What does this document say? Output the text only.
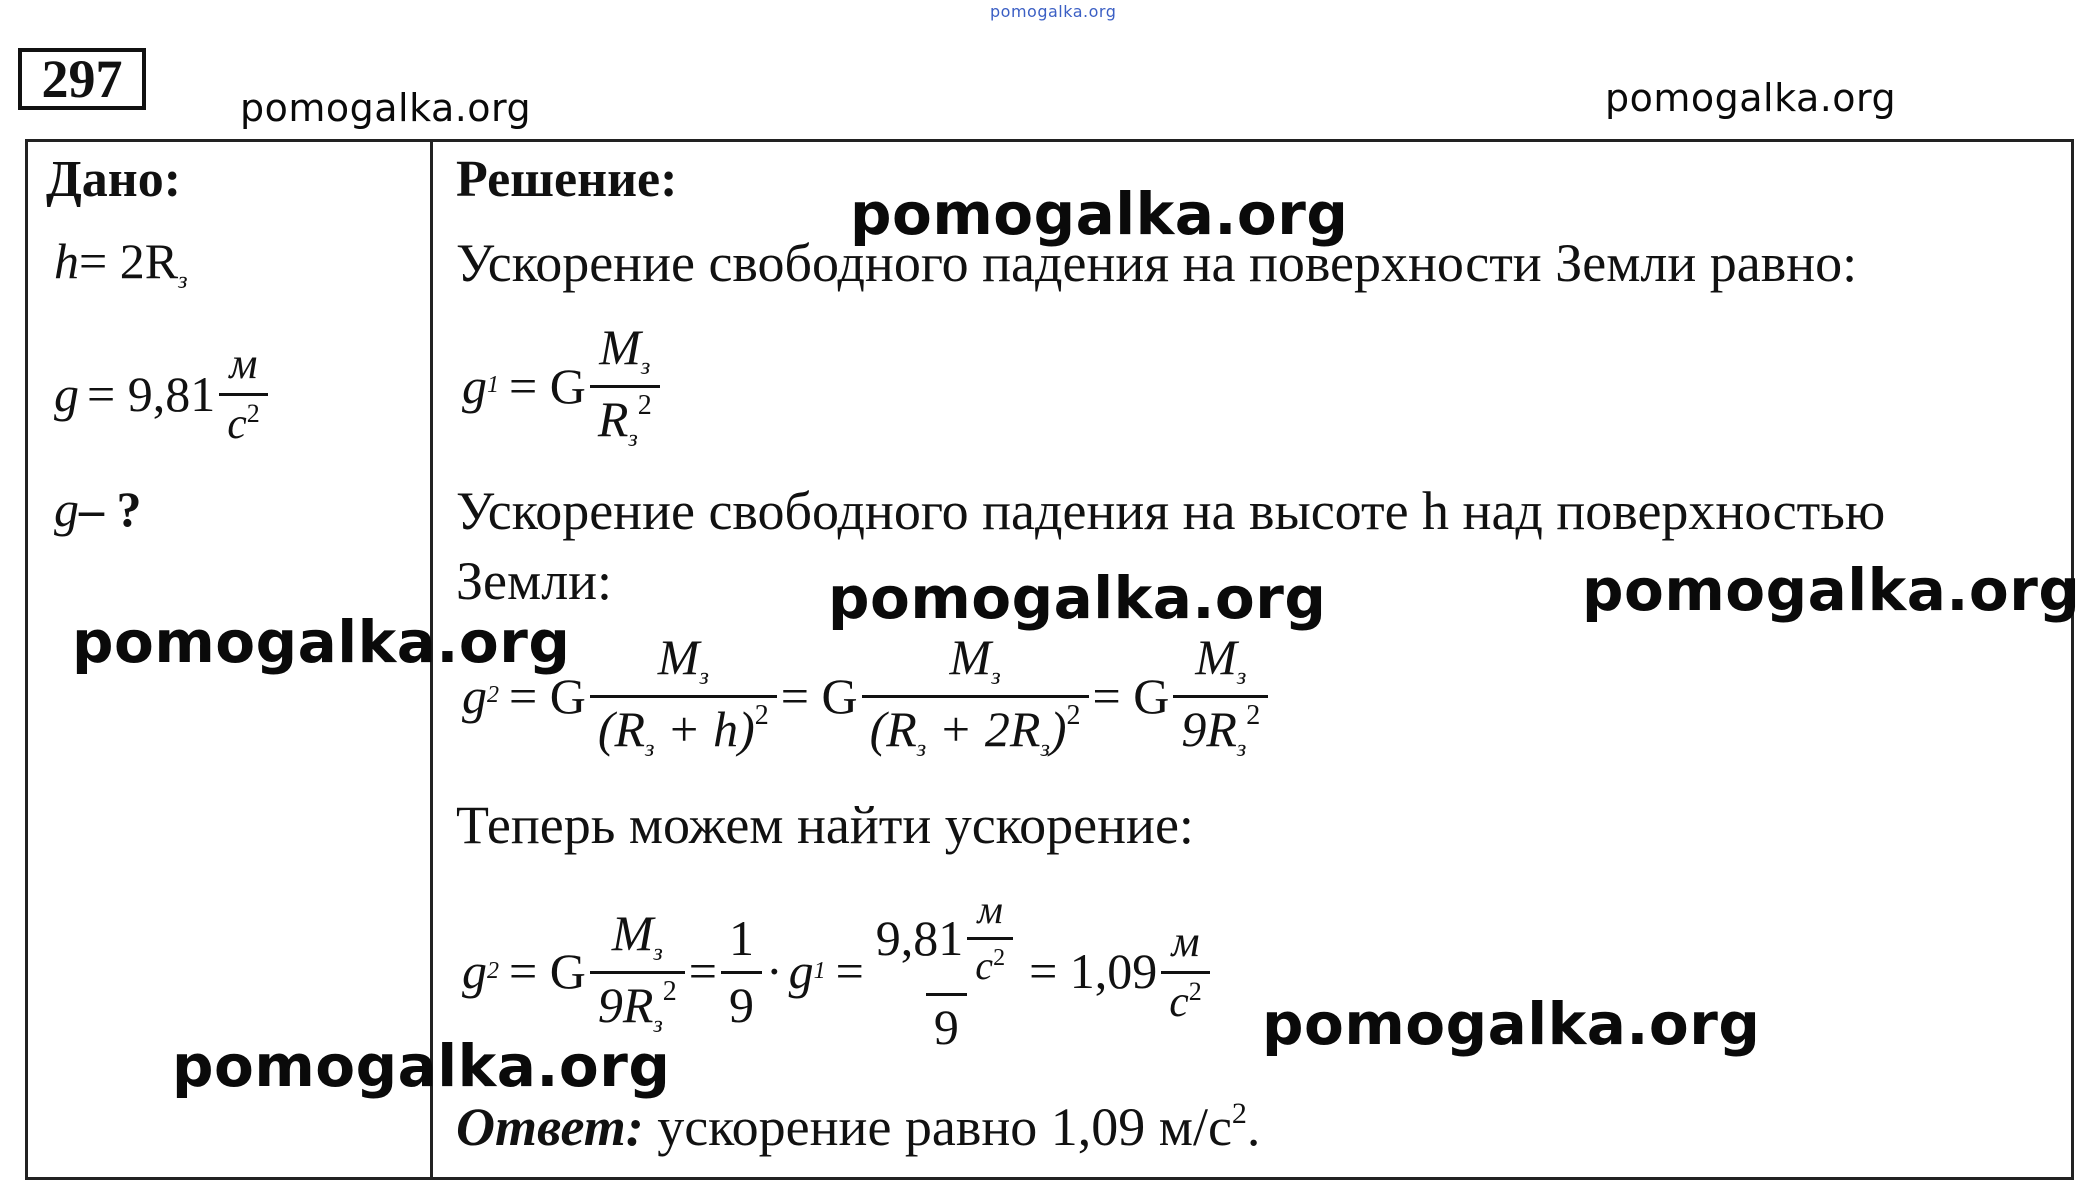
pomogalka.org
pomogalka.org	pomogalka.org
297
Дано:
$h= 2R_з$
$g = 9,81 \frac{м}{c^2}$
g– ?
Решение:
pomogalka.org
Ускорение свободного падения на поверхности Земли равно:
g 1 = G $\frac{M_з}{R_з^2}$
Ускорение свободного падения на высоте h над поверхностью
Земли:	pomogalka.org	pomogalka.org
pomogalka.org
g 2 = G $\frac{M_з}{(R_з + h)^2} = G \frac{M_з}{(R_з + 2R_з)^2} = G \frac{M_з}{9R_з^2}$
Теперь можем найти ускорение:
g 2 = G $\frac{M_з}{9R_з^2} = \frac{1}{9} \cdot g$ $1 = \frac{9,81 \frac{м}{c^2}}{9} = 1,09 \frac{м}{c^2}$ pomogalka.org
pomogalka.org
Ответ: ускорение равно 1,09 $м/с^2$.
